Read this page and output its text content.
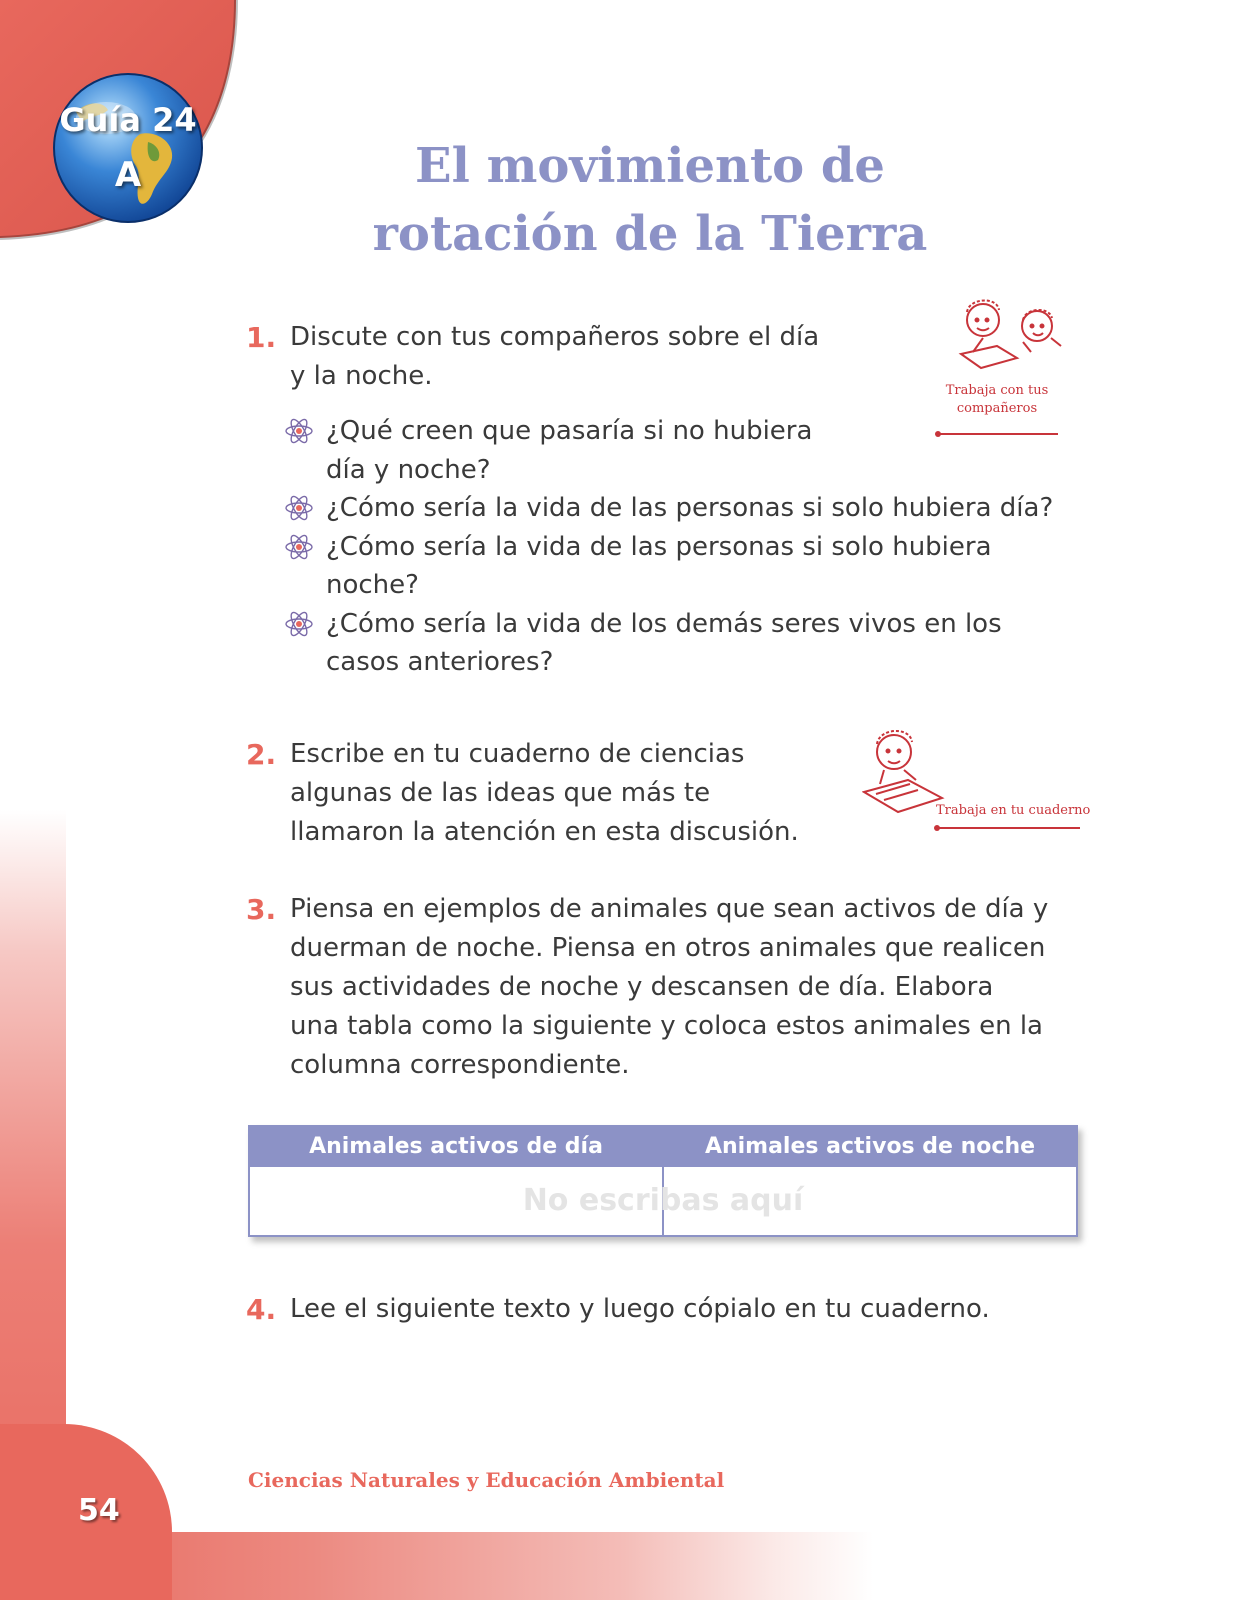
54
Guía 24
A	El movimiento de
rotación de la Tierra
1. Discute con tus compañeros sobre el día
y la noche.	Trabaja con tus
compañeros
¿Qué creen que pasaría si no hubiera
día y noche?
¿Cómo sería la vida de las personas si solo hubiera día?
¿Cómo sería la vida de las personas si solo hubiera
noche?
¿Cómo sería la vida de los demás seres vivos en los
casos anteriores?
2. Escribe en tu cuaderno de ciencias
algunas de las ideas que más te
llamaron la atención en esta discusión.

Trabaja en tu cuaderno
3. Piensa en ejemplos de animales que sean activos de día y
duerman de noche. Piensa en otros animales que realicen
sus actividades de noche y descansen de día. Elabora
una tabla como la siguiente y coloca estos animales en la
columna correspondiente.

Animales activos de día	Animales activos de noche

No escribas aquí
4. Lee el siguiente texto y luego cópialo en tu cuaderno.

Ciencias Naturales y Educación Ambiental
